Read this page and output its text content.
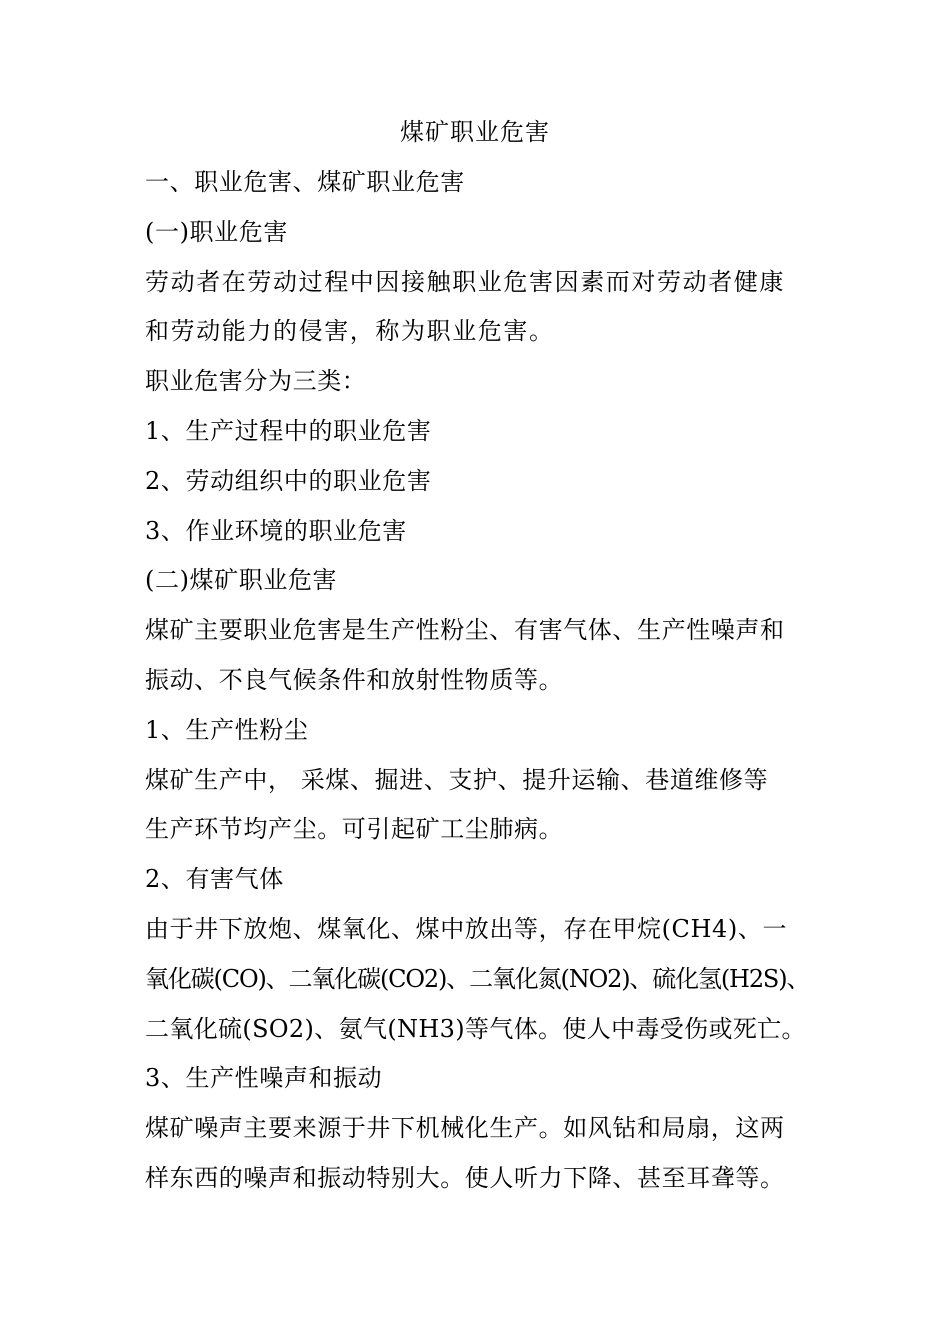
煤矿职业危害
一、职业危害、煤矿职业危害
(一)职业危害
劳动者在劳动过程中因接触职业危害因素而对劳动者健康
和劳动能力的侵害，称为职业危害。
职业危害分为三类：
1、生产过程中的职业危害
2、劳动组织中的职业危害
3、作业环境的职业危害
(二)煤矿职业危害
煤矿主要职业危害是生产性粉尘、有害气体、生产性噪声和
振动、不良气候条件和放射性物质等。
1、生产性粉尘
煤矿生产中， 采煤、掘进、支护、提升运输、巷道维修等
生产环节均产尘。可引起矿工尘肺病。
2、有害气体
由于井下放炮、煤氧化、煤中放出等，存在甲烷(CH4)、一
氧化碳(CO)、二氧化碳(CO2)、二氧化氮(NO2)、硫化氢(H2S)、
二氧化硫(SO2)、氨气(NH3)等气体。使人中毒受伤或死亡。
3、生产性噪声和振动
煤矿噪声主要来源于井下机械化生产。如风钻和局扇，这两
样东西的噪声和振动特别大。使人听力下降、甚至耳聋等。
